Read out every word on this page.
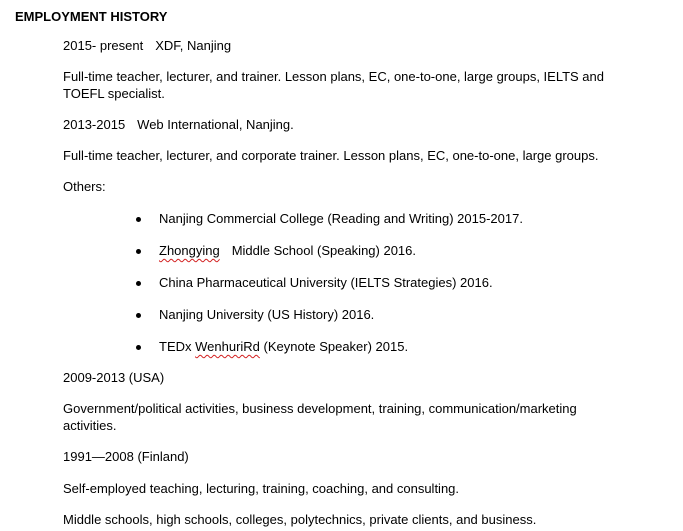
EMPLOYMENT HISTORY

2015- present XDF, Nanjing

Full-time teacher, lecturer, and trainer. Lesson plans, EC, one-to-one, large groups, IELTS and TOEFL specialist.

2013-2015 Web International, Nanjing.

Full-time teacher, lecturer, and corporate trainer. Lesson plans, EC, one-to-one, large groups.

Others:

Nanjing Commercial College (Reading and Writing) 2015-2017.
Zhongying Middle School (Speaking) 2016.
China Pharmaceutical University (IELTS Strategies) 2016.
Nanjing University (US History) 2016.
TEDx WenhuriRd (Keynote Speaker) 2015.

2009-2013 (USA)

Government/political activities, business development, training, communication/marketing activities.

1991—2008 (Finland)

Self-employed teaching, lecturing, training, coaching, and consulting.

Middle schools, high schools, colleges, polytechnics, private clients, and business.
